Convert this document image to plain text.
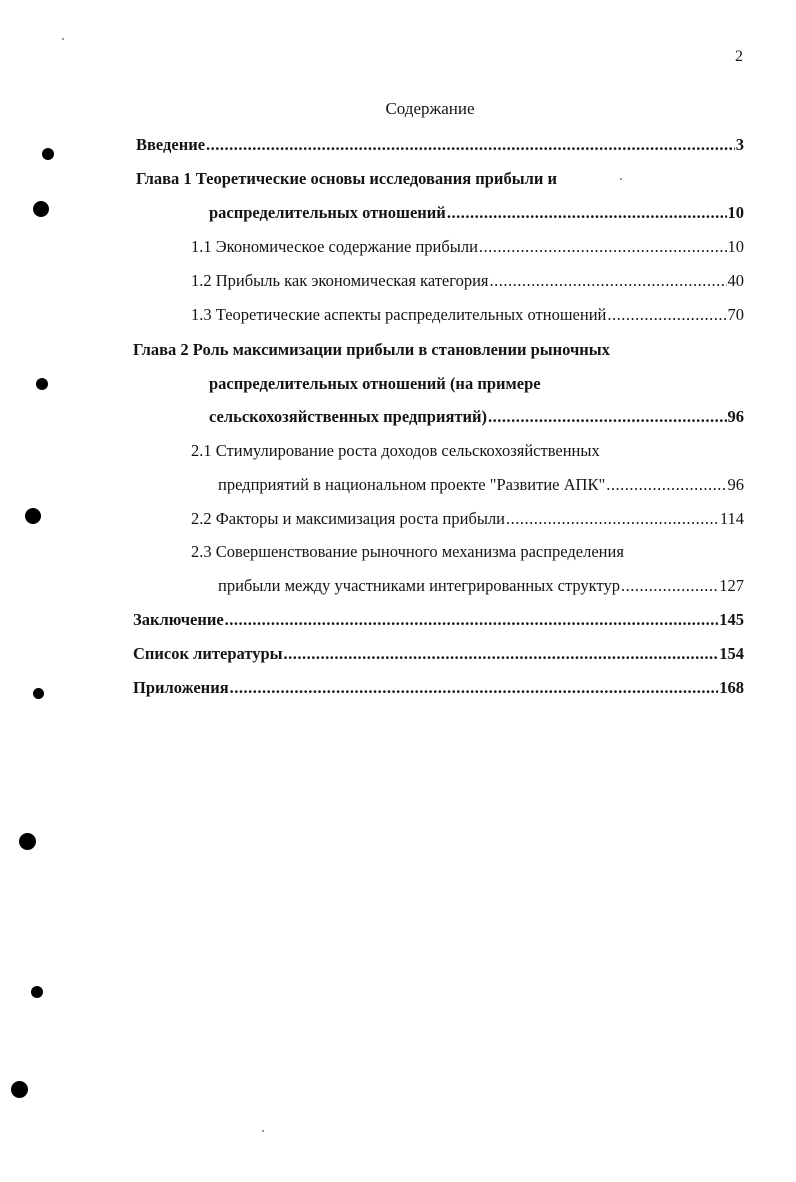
2
Содержание
Введение .....	3
Глава 1 Теоретические основы исследования прибыли и
распределительных отношений .....	10
1.1 Экономическое содержание прибыли .....	10
1.2 Прибыль как экономическая категория .....	40
1.3 Теоретические аспекты распределительных отношений .....	70
Глава 2 Роль максимизации прибыли в становлении рыночных
распределительных отношений (на примере
сельскохозяйственных предприятий) .....	96
2.1 Стимулирование роста доходов сельскохозяйственных
предприятий в национальном проекте "Развитие АПК" .....	96
2.2 Факторы и максимизация роста прибыли .....	114
2.3 Совершенствование рыночного механизма распределения
прибыли между участниками интегрированных структур .....	127
Заключение .....	145
Список литературы .....	154
Приложения .....	168
